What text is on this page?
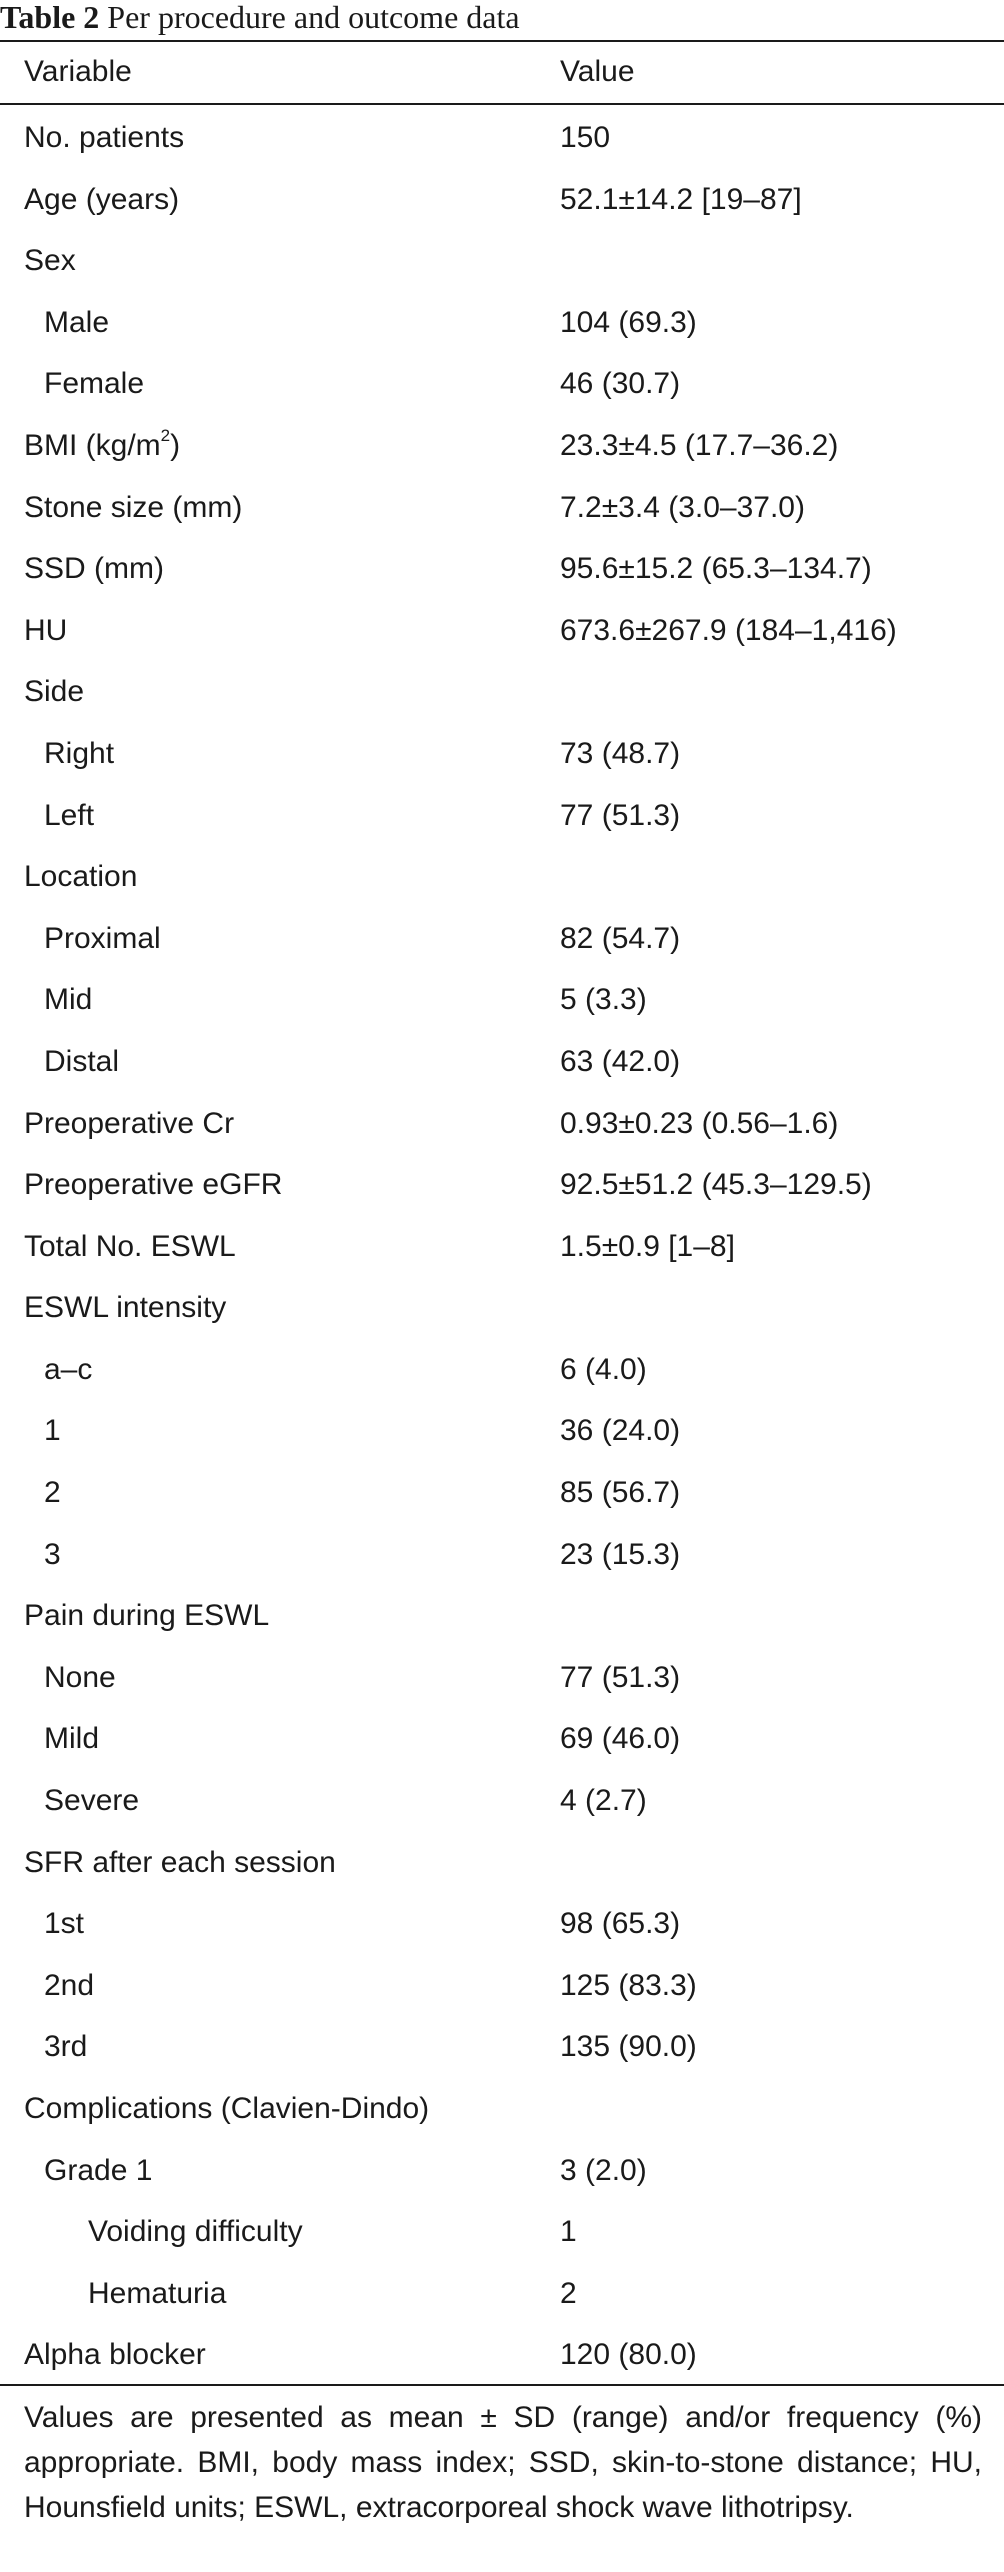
Table 2 Per procedure and outcome data
Variable	Value
No. patients	150
Age (years)	52.1±14.2 [19–87]
Sex
Male	104 (69.3)
Female	46 (30.7)
BMI $(kg/m^2)$	23.3±4.5 (17.7–36.2)
Stone size (mm)	7.2±3.4 (3.0–37.0)
SSD (mm)	95.6±15.2 (65.3–134.7)
HU	673.6±267.9 (184–1,416)
Side
Right	73 (48.7)
Left	77 (51.3)
Location
Proximal	82 (54.7)
Mid	5 (3.3)
Distal	63 (42.0)
Preoperative Cr	0.93±0.23 (0.56–1.6)
Preoperative eGFR	92.5±51.2 (45.3–129.5)
Total No. ESWL	1.5±0.9 [1–8]
ESWL intensity
a–c	6 (4.0)
1	36 (24.0)
2	85 (56.7)
3	23 (15.3)
Pain during ESWL
None	77 (51.3)
Mild	69 (46.0)
Severe	4 (2.7)
SFR after each session
1st	98 (65.3)
2nd	125 (83.3)
3rd	135 (90.0)
Complications (Clavien-Dindo)
Grade 1	3 (2.0)
Voiding difficulty	1
Hematuria	2
Alpha blocker	120 (80.0)
Values are presented as mean ± SD (range) and/or frequency (%) appropriate. BMI, body mass index; SSD, skin-to-stone distance; HU, Hounsfield units; ESWL, extracorporeal shock wave lithotripsy.
